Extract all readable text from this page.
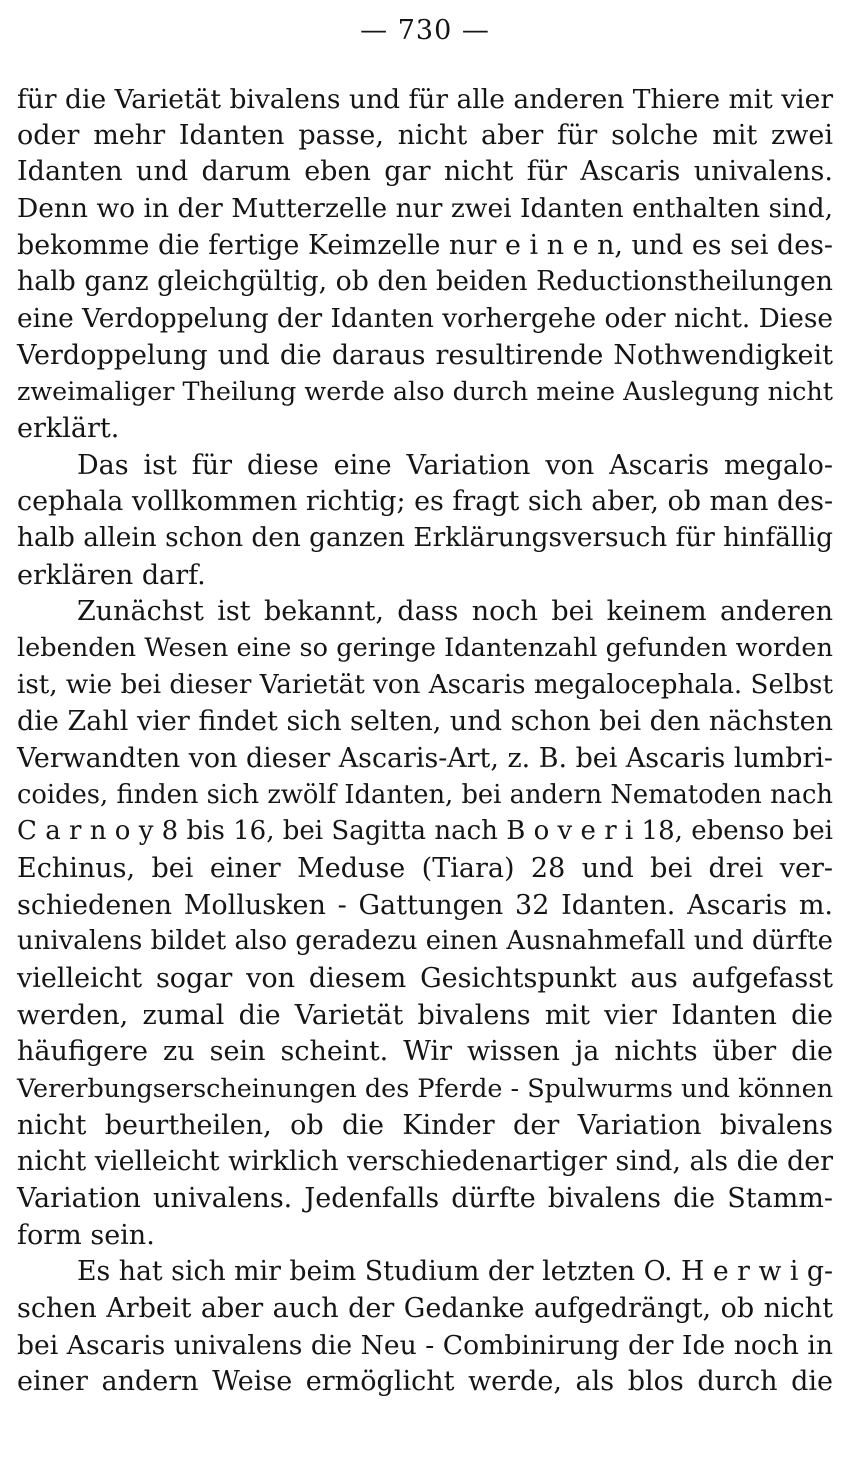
— 730 —
für die Varietät bivalens und für alle anderen Thiere mit vier
oder mehr Idanten passe, nicht aber für solche mit zwei
Idanten und darum eben gar nicht für Ascaris univalens.
Denn wo in der Mutterzelle nur zwei Idanten enthalten sind,
bekomme die fertige Keimzelle nur e i n e n, und es sei des-
halb ganz gleichgültig, ob den beiden Reductionstheilungen
eine Verdoppelung der Idanten vorhergehe oder nicht. Diese
Verdoppelung und die daraus resultirende Nothwendigkeit
zweimaliger Theilung werde also durch meine Auslegung nicht
erklärt.
Das ist für diese eine Variation von Ascaris megalo-
cephala vollkommen richtig; es fragt sich aber, ob man des-
halb allein schon den ganzen Erklärungsversuch für hinfällig
erklären darf.
Zunächst ist bekannt, dass noch bei keinem anderen
lebenden Wesen eine so geringe Idantenzahl gefunden worden
ist, wie bei dieser Varietät von Ascaris megalocephala. Selbst
die Zahl vier findet sich selten, und schon bei den nächsten
Verwandten von dieser Ascaris-Art, z. B. bei Ascaris lumbri-
coides, finden sich zwölf Idanten, bei andern Nematoden nach
C a r n o y 8 bis 16, bei Sagitta nach B o v e r i 18, ebenso bei
Echinus, bei einer Meduse (Tiara) 28 und bei drei ver-
schiedenen Mollusken - Gattungen 32 Idanten. Ascaris m.
univalens bildet also geradezu einen Ausnahmefall und dürfte
vielleicht sogar von diesem Gesichtspunkt aus aufgefasst
werden, zumal die Varietät bivalens mit vier Idanten die
häufigere zu sein scheint. Wir wissen ja nichts über die
Vererbungserscheinungen des Pferde - Spulwurms und können
nicht beurtheilen, ob die Kinder der Variation bivalens
nicht vielleicht wirklich verschiedenartiger sind, als die der
Variation univalens. Jedenfalls dürfte bivalens die Stamm-
form sein.
Es hat sich mir beim Studium der letzten O. H e r w i g-
schen Arbeit aber auch der Gedanke aufgedrängt, ob nicht
bei Ascaris univalens die Neu - Combinirung der Ide noch in
einer andern Weise ermöglicht werde, als blos durch die
